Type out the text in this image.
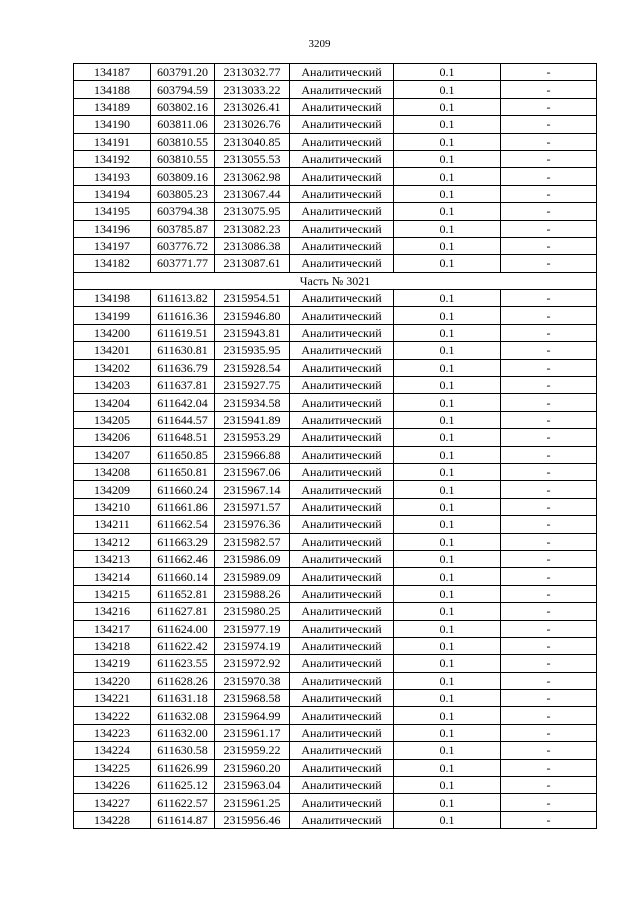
3209
134187	603791.20	2313032.77	Аналитический	0.1	-
134188	603794.59	2313033.22	Аналитический	0.1	-
134189	603802.16	2313026.41	Аналитический	0.1	-
134190	603811.06	2313026.76	Аналитический	0.1	-
134191	603810.55	2313040.85	Аналитический	0.1	-
134192	603810.55	2313055.53	Аналитический	0.1	-
134193	603809.16	2313062.98	Аналитический	0.1	-
134194	603805.23	2313067.44	Аналитический	0.1	-
134195	603794.38	2313075.95	Аналитический	0.1	-
134196	603785.87	2313082.23	Аналитический	0.1	-
134197	603776.72	2313086.38	Аналитический	0.1	-
134182	603771.77	2313087.61	Аналитический	0.1	-
Часть № 3021					
134198	611613.82	2315954.51	Аналитический	0.1	-
134199	611616.36	2315946.80	Аналитический	0.1	-
134200	611619.51	2315943.81	Аналитический	0.1	-
134201	611630.81	2315935.95	Аналитический	0.1	-
134202	611636.79	2315928.54	Аналитический	0.1	-
134203	611637.81	2315927.75	Аналитический	0.1	-
134204	611642.04	2315934.58	Аналитический	0.1	-
134205	611644.57	2315941.89	Аналитический	0.1	-
134206	611648.51	2315953.29	Аналитический	0.1	-
134207	611650.85	2315966.88	Аналитический	0.1	-
134208	611650.81	2315967.06	Аналитический	0.1	-
134209	611660.24	2315967.14	Аналитический	0.1	-
134210	611661.86	2315971.57	Аналитический	0.1	-
134211	611662.54	2315976.36	Аналитический	0.1	-
134212	611663.29	2315982.57	Аналитический	0.1	-
134213	611662.46	2315986.09	Аналитический	0.1	-
134214	611660.14	2315989.09	Аналитический	0.1	-
134215	611652.81	2315988.26	Аналитический	0.1	-
134216	611627.81	2315980.25	Аналитический	0.1	-
134217	611624.00	2315977.19	Аналитический	0.1	-
134218	611622.42	2315974.19	Аналитический	0.1	-
134219	611623.55	2315972.92	Аналитический	0.1	-
134220	611628.26	2315970.38	Аналитический	0.1	-
134221	611631.18	2315968.58	Аналитический	0.1	-
134222	611632.08	2315964.99	Аналитический	0.1	-
134223	611632.00	2315961.17	Аналитический	0.1	-
134224	611630.58	2315959.22	Аналитический	0.1	-
134225	611626.99	2315960.20	Аналитический	0.1	-
134226	611625.12	2315963.04	Аналитический	0.1	-
134227	611622.57	2315961.25	Аналитический	0.1	-
134228	611614.87	2315956.46	Аналитический	0.1	-
